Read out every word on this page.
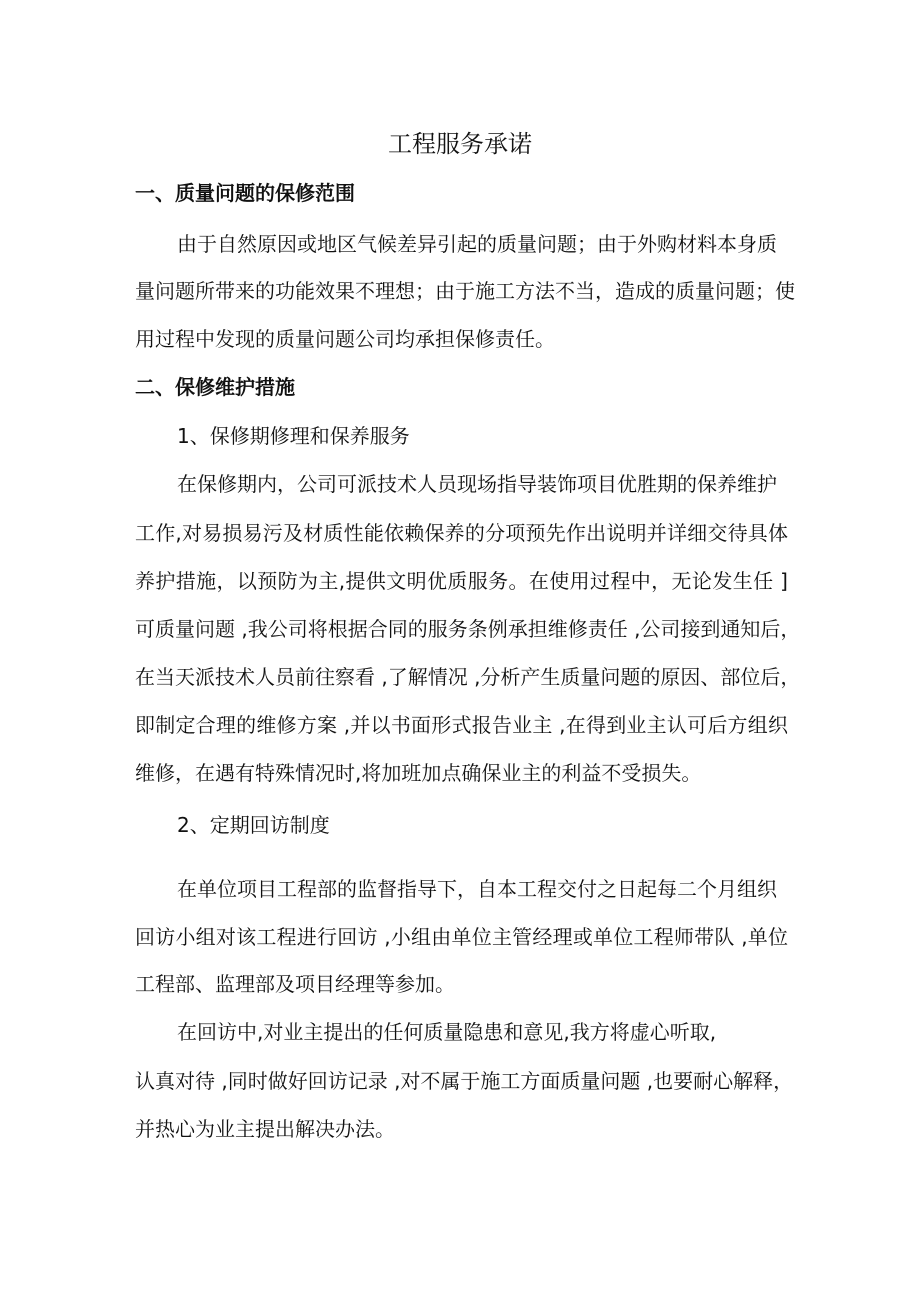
工程服务承诺
一、质量问题的保修范围

由于自然原因或地区气候差异引起的质量问题；由于外购材料本身质

量问题所带来的功能效果不理想；由于施工方法不当，造成的质量问题；使

用过程中发现的质量问题公司均承担保修责任。

二、保修维护措施

1、保修期修理和保养服务

在保修期内，公司可派技术人员现场指导装饰项目优胜期的保养维护

工作,对易损易污及材质性能依赖保养的分项预先作出说明并详细交待具体

养护措施，以预防为主,提供文明优质服务。在使用过程中，无论发生任 ]

可质量问题 ,我公司将根据合同的服务条例承担维修责任 ,公司接到通知后，

在当天派技术人员前往察看 ,了解情况 ,分析产生质量问题的原因、部位后，

即制定合理的维修方案 ,并以书面形式报告业主 ,在得到业主认可后方组织

维修，在遇有特殊情况时,将加班加点确保业主的利益不受损失。

2、定期回访制度

在单位项目工程部的监督指导下，自本工程交付之日起每二个月组织

回访小组对该工程进行回访 ,小组由单位主管经理或单位工程师带队 ,单位

工程部、监理部及项目经理等参加。

在回访中,对业主提出的任何质量隐患和意见,我方将虚心听取,

认真对待 ,同时做好回访记录 ,对不属于施工方面质量问题 ,也要耐心解释，

并热心为业主提出解决办法。
